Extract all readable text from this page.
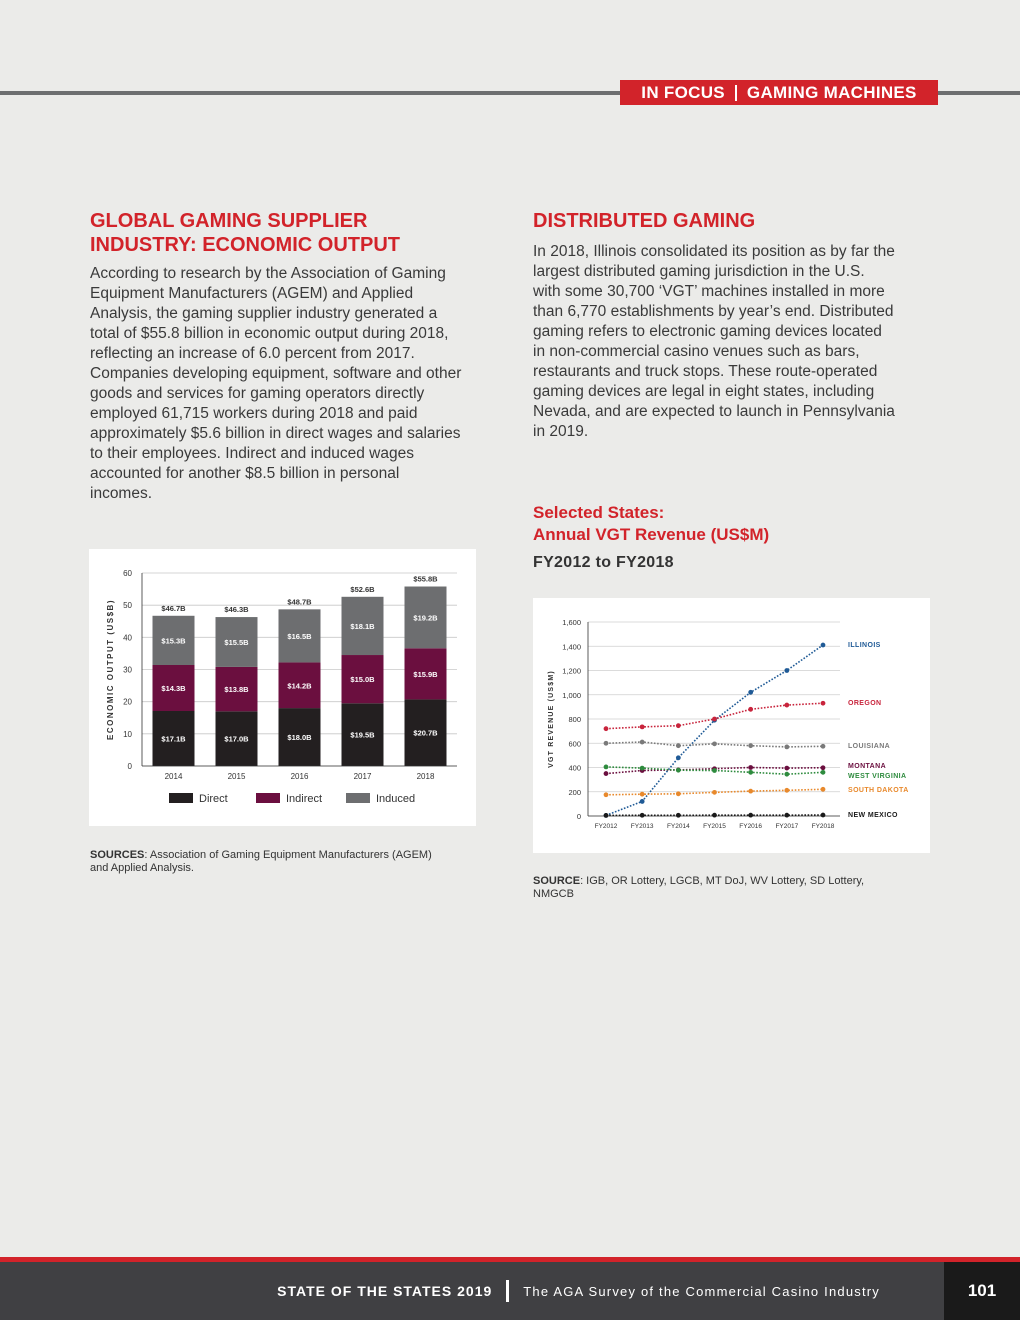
IN FOCUS GAMING MACHINES
GLOBAL GAMING SUPPLIER
INDUSTRY: ECONOMIC OUTPUT

According to research by the Association of Gaming Equipment Manufacturers (AGEM) and Applied Analysis, the gaming supplier industry generated a total of $55.8 billion in economic output during 2018, reflecting an increase of 6.0 percent from 2017. Companies developing equipment, software and other goods and services for gaming operators directly employed 61,715 workers during 2018 and paid approximately $5.6 billion in direct wages and salaries to their employees. Indirect and induced wages accounted for another $8.5 billion in personal incomes.

0
10
20
30
40
50
60
ECONOMIC OUTPUT (US$B)	$17.1B
$14.3B
$15.3B
$46.7B
2014
$17.0B
$13.8B
$15.5B
$46.3B
2015
$18.0B
$14.2B
$16.5B
$48.7B
2016
$19.5B
$15.0B
$18.1B
$52.6B
2017
$20.7B
$15.9B
$19.2B
$55.8B
2018
Direct	Indirect	Induced
SOURCES: Association of Gaming Equipment Manufacturers (AGEM) and Applied Analysis.
DISTRIBUTED GAMING

In 2018, Illinois consolidated its position as by far the largest distributed gaming jurisdiction in the U.S. with some 30,700 ‘VGT’ machines installed in more than 6,770 establishments by year’s end. Distributed gaming refers to electronic gaming devices located in non-commercial casino venues such as bars, restaurants and truck stops. These route-operated gaming devices are legal in eight states, including Nevada, and are expected to launch in Pennsylvania in 2019.

Selected States:
Annual VGT Revenue (US$M)
FY2012 to FY2018
0
200
400
600
800
1,000
1,200
1,400
1,600
VGT REVENUE (US$M)
FY2012 FY2013 FY2014 FY2015 FY2016 FY2017 FY2018
ILLINOIS
OREGON
LOUISIANA
MONTANA
WEST VIRGINIA
SOUTH DAKOTA
NEW MEXICO
SOURCE: IGB, OR Lottery, LGCB, MT DoJ, WV Lottery, SD Lottery, NMGCB
STATE OF THE STATES 2019 The AGA Survey of the Commercial Casino Industry	101
